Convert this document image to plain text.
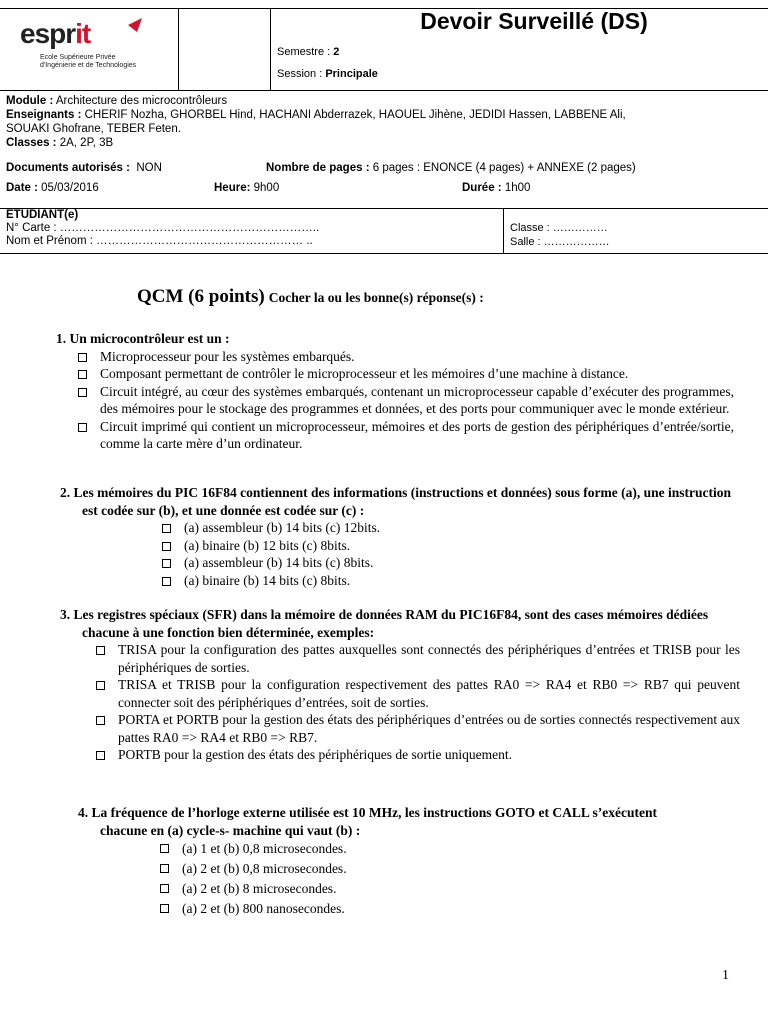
esprit
Ecole Supérieure Privée
d'Ingénierie et de Technologies
Devoir Surveillé (DS)
Semestre : 2
Session : Principale
Module : Architecture des microcontrôleurs
Enseignants : CHERIF Nozha, GHORBEL Hind, HACHANI Abderrazek, HAOUEL Jihène, JEDIDI Hassen, LABBENE Ali,
SOUAKI Ghofrane, TEBER Feten.
Classes : 2A, 2P, 3B
Documents autorisés : NON	Nombre de pages : 6 pages : ENONCE (4 pages) + ANNEXE (2 pages)
Date : 05/03/2016	Heure: 9h00	Durée : 1h00
ETUDIANT(e)
N° Carte : …………………………………………………………..
Nom et Prénom : ……………………………………………… ..
Classe : ……………
Salle : ………………
QCM (6 points) Cocher la ou les bonne(s) réponse(s) :
1. Un microcontrôleur est un :
Microprocesseur pour les systèmes embarqués.
Composant permettant de contrôler le microprocesseur et les mémoires d’une machine à distance.
Circuit intégré, au cœur des systèmes embarqués, contenant un microprocesseur capable d’exécuter des programmes, des mémoires pour le stockage des programmes et données, et des ports pour communiquer avec le monde extérieur.
Circuit imprimé qui contient un microprocesseur, mémoires et des ports de gestion des périphériques d’entrée/sortie, comme la carte mère d’un ordinateur.
2. Les mémoires du PIC 16F84 contiennent des informations (instructions et données) sous forme (a), une instruction est codée sur (b), et une donnée est codée sur (c) :
(a) assembleur (b) 14 bits (c) 12bits.
(a) binaire (b) 12 bits (c) 8bits.
(a) assembleur (b) 14 bits (c) 8bits.
(a) binaire (b) 14 bits (c) 8bits.
3. Les registres spéciaux (SFR) dans la mémoire de données RAM du PIC16F84, sont des cases mémoires dédiées chacune à une fonction bien déterminée, exemples:
TRISA pour la configuration des pattes auxquelles sont connectés des périphériques d’entrées et TRISB pour les périphériques de sorties.
TRISA et TRISB pour la configuration respectivement des pattes RA0 => RA4 et RB0 => RB7 qui peuvent connecter soit des périphériques d’entrées, soit de sorties.
PORTA et PORTB pour la gestion des états des périphériques d’entrées ou de sorties connectés respectivement aux pattes RA0 => RA4 et RB0 => RB7.
PORTB pour la gestion des états des périphériques de sortie uniquement.
4. La fréquence de l’horloge externe utilisée est 10 MHz, les instructions GOTO et CALL s’exécutent chacune en (a) cycle-s- machine qui vaut (b) :
(a) 1 et (b) 0,8 microsecondes.
(a) 2 et (b) 0,8 microsecondes.
(a) 2 et (b) 8 microsecondes.
(a) 2 et (b) 800 nanosecondes.
1
